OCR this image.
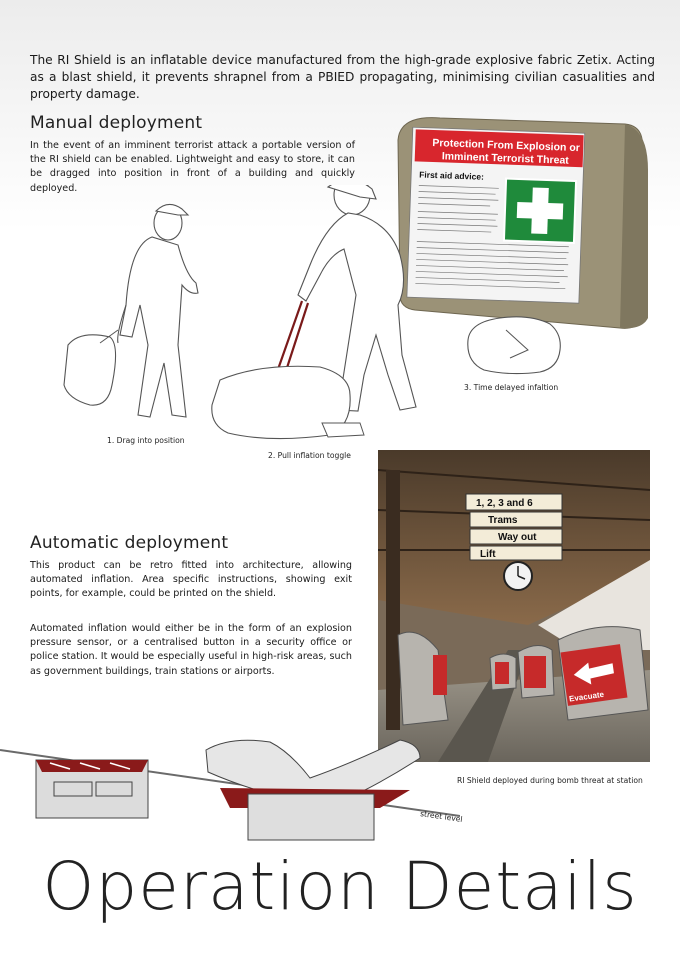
The RI Shield is an inflatable device manufactured from the high-grade explosive fabric Zetix. Acting as a blast shield, it prevents shrapnel from a PBIED propagating, minimising civilian casualities and property damage.

Manual deployment

In the event of an imminent terrorist attack a portable version of the RI shield can be enabled. Lightweight and easy to store, it can be dragged into position in front of a building and quickly deployed.

Protection From Explosion or
Imminent Terrorist Threat
First aid advice:
1. Drag into position
2. Pull inflation toggle
3. Time delayed infaltion
Automatic deployment

This product can be retro fitted into architecture, allowing automated inflation. Area specific instructions, showing exit points, for example, could be printed on the shield.

Automated inflation would either be in the form of an explosion pressure sensor, or a centralised button in a security office or police station. It would be especially useful in high-risk areas, such as government buildings, train stations or airports.

1, 2, 3 and 6
Trams
Way out
Lift
Evacuate
RI Shield deployed during bomb threat at station
street level
Operation Details
